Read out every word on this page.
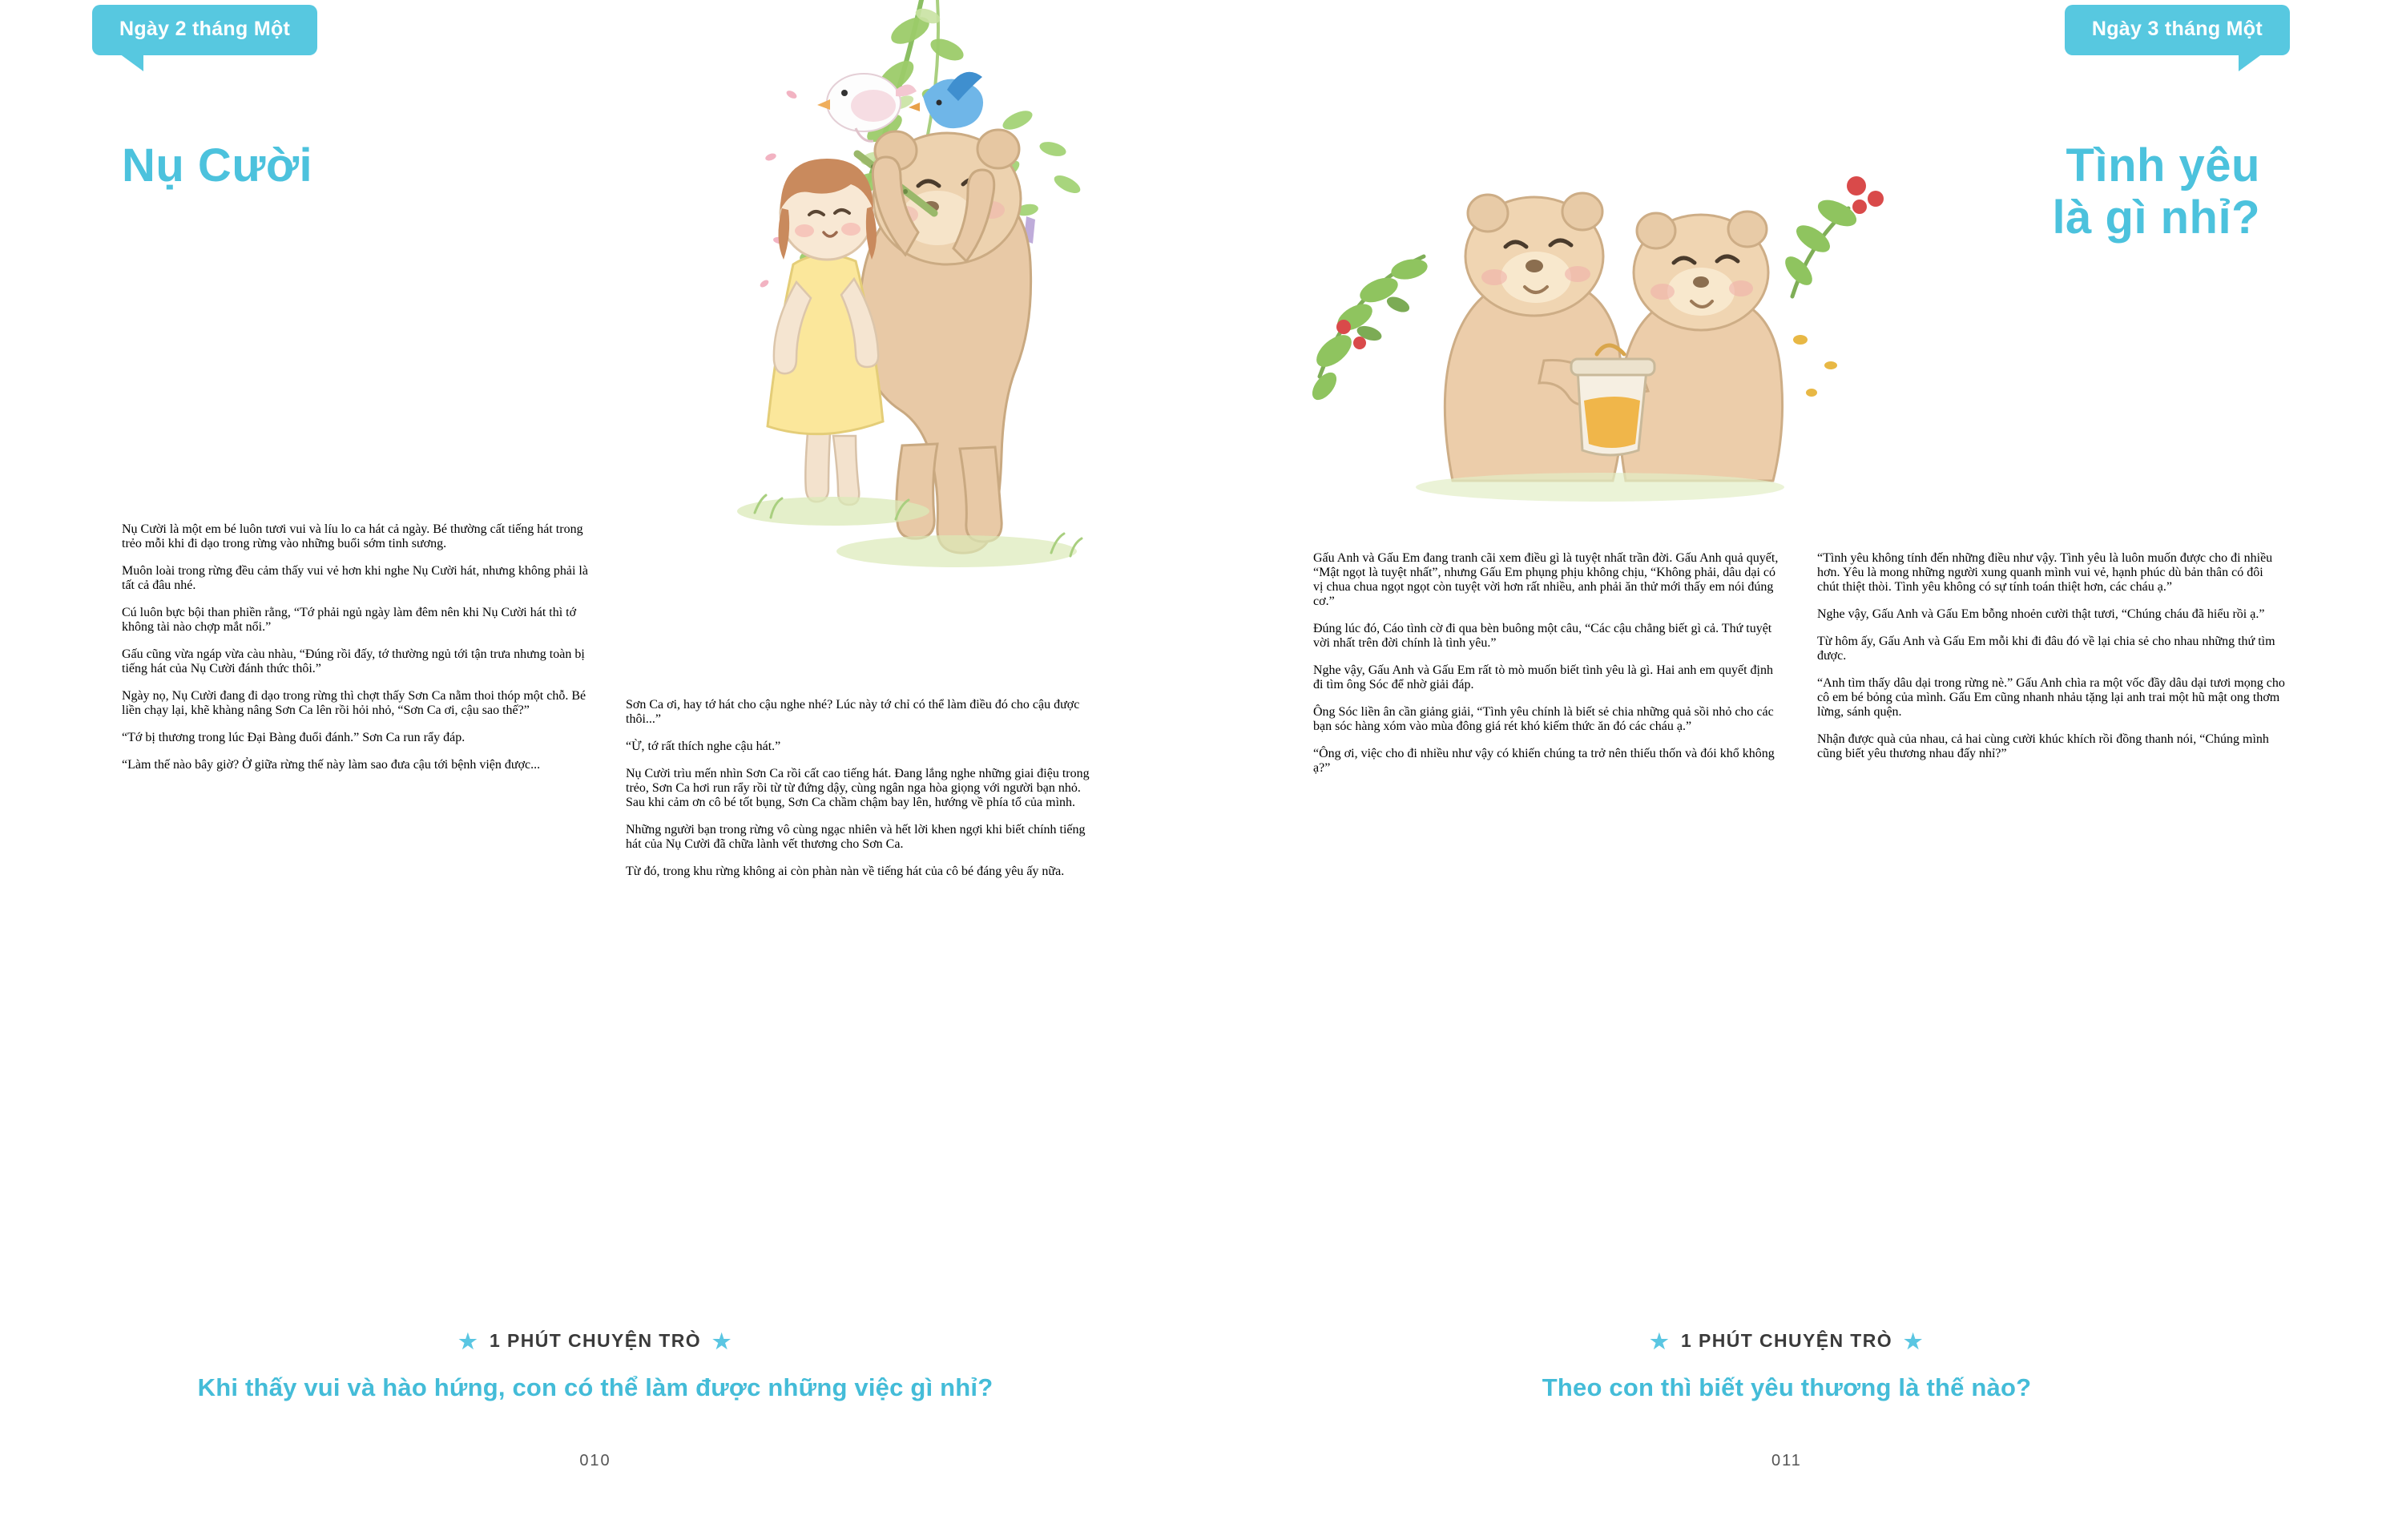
Ngày 2 tháng Một
Nụ Cười

Nụ Cười là một em bé luôn tươi vui và líu lo ca hát cả ngày. Bé thường cất tiếng hát trong trẻo mỗi khi đi dạo trong rừng vào những buổi sớm tinh sương.

Muôn loài trong rừng đều cảm thấy vui vẻ hơn khi nghe Nụ Cười hát, nhưng không phải là tất cả đâu nhé.

Cú luôn bực bội than phiền rằng, “Tớ phải ngủ ngày làm đêm nên khi Nụ Cười hát thì tớ không tài nào chợp mắt nổi.”

Gấu cũng vừa ngáp vừa càu nhàu, “Đúng rồi đấy, tớ thường ngủ tới tận trưa nhưng toàn bị tiếng hát của Nụ Cười đánh thức thôi.”

Ngày nọ, Nụ Cười đang đi dạo trong rừng thì chợt thấy Sơn Ca nằm thoi thóp một chỗ. Bé liền chạy lại, khẽ khàng nâng Sơn Ca lên rồi hỏi nhỏ, “Sơn Ca ơi, cậu sao thế?”

“Tớ bị thương trong lúc Đại Bàng đuổi đánh.” Sơn Ca run rẩy đáp.

“Làm thế nào bây giờ? Ở giữa rừng thế này làm sao đưa cậu tới bệnh viện được...

Sơn Ca ơi, hay tớ hát cho cậu nghe nhé? Lúc này tớ chỉ có thể làm điều đó cho cậu được thôi...”

“Ừ, tớ rất thích nghe cậu hát.”

Nụ Cười trìu mến nhìn Sơn Ca rồi cất cao tiếng hát. Đang lắng nghe những giai điệu trong trẻo, Sơn Ca hơi run rẩy rồi từ từ đứng dậy, cùng ngân nga hòa giọng với người bạn nhỏ. Sau khi cảm ơn cô bé tốt bụng, Sơn Ca chầm chậm bay lên, hướng về phía tổ của mình.

Những người bạn trong rừng vô cùng ngạc nhiên và hết lời khen ngợi khi biết chính tiếng hát của Nụ Cười đã chữa lành vết thương cho Sơn Ca.

Từ đó, trong khu rừng không ai còn phàn nàn về tiếng hát của cô bé đáng yêu ấy nữa.

★ 1 PHÚT CHUYỆN TRÒ ★
Khi thấy vui và hào hứng, con có thể làm được những việc gì nhỉ?
010
Ngày 3 tháng Một
Tình yêu
là gì nhỉ?

Gấu Anh và Gấu Em đang tranh cãi xem điều gì là tuyệt nhất trần đời. Gấu Anh quả quyết, “Mật ngọt là tuyệt nhất”, nhưng Gấu Em phụng phịu không chịu, “Không phải, dâu dại có vị chua chua ngọt ngọt còn tuyệt vời hơn rất nhiều, anh phải ăn thử mới thấy em nói đúng cơ.”

Đúng lúc đó, Cáo tình cờ đi qua bèn buông một câu, “Các cậu chẳng biết gì cả. Thứ tuyệt vời nhất trên đời chính là tình yêu.”

Nghe vậy, Gấu Anh và Gấu Em rất tò mò muốn biết tình yêu là gì. Hai anh em quyết định đi tìm ông Sóc để nhờ giải đáp.

Ông Sóc liền ân cần giảng giải, “Tình yêu chính là biết sẻ chia những quả sồi nhỏ cho các bạn sóc hàng xóm vào mùa đông giá rét khó kiếm thức ăn đó các cháu ạ.”

“Ông ơi, việc cho đi nhiều như vậy có khiến chúng ta trở nên thiếu thốn và đói khổ không ạ?”

“Tình yêu không tính đến những điều như vậy. Tình yêu là luôn muốn được cho đi nhiều hơn. Yêu là mong những người xung quanh mình vui vẻ, hạnh phúc dù bản thân có đôi chút thiệt thòi. Tình yêu không có sự tính toán thiệt hơn, các cháu ạ.”

Nghe vậy, Gấu Anh và Gấu Em bỗng nhoẻn cười thật tươi, “Chúng cháu đã hiểu rồi ạ.”

Từ hôm ấy, Gấu Anh và Gấu Em mỗi khi đi đâu đó về lại chia sẻ cho nhau những thứ tìm được.

“Anh tìm thấy dâu dại trong rừng nè.” Gấu Anh chìa ra một vốc đầy dâu dại tươi mọng cho cô em bé bỏng của mình. Gấu Em cũng nhanh nhảu tặng lại anh trai một hũ mật ong thơm lừng, sánh quện.

Nhận được quà của nhau, cả hai cùng cười khúc khích rồi đồng thanh nói, “Chúng mình cũng biết yêu thương nhau đấy nhỉ?”

★ 1 PHÚT CHUYỆN TRÒ ★
Theo con thì biết yêu thương là thế nào?
011
